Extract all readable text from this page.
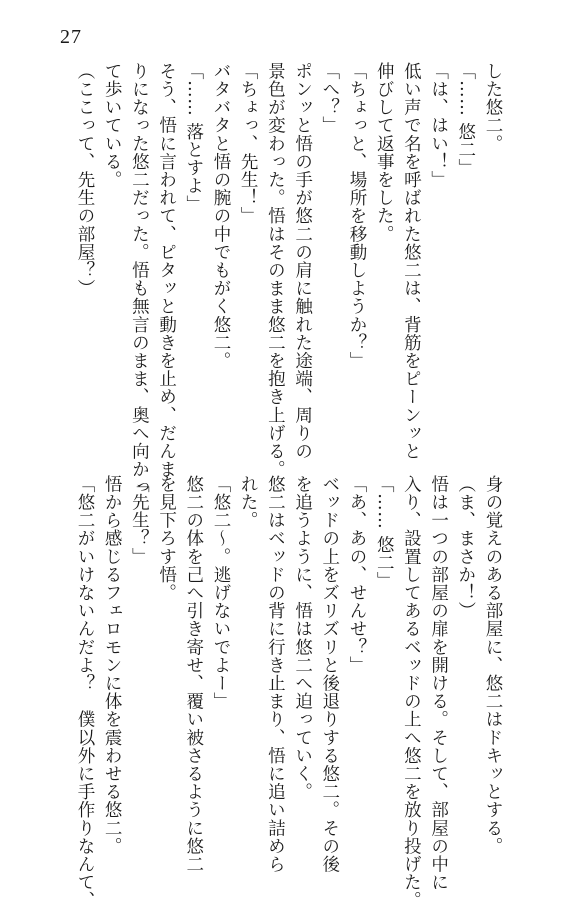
27
した悠二。
「…… 悠二」
「は、はい！」
低い声で名を呼ばれた悠二は、背筋をピーンッと
伸びして返事をした。
「ちょっと、場所を移動しようか？」
「へ？」
ポンッと悟の手が悠二の肩に触れた途端、周りの
景色が変わった。悟はそのまま悠二を抱き上げる。
「ちょっ、先生！」
バタバタと悟の腕の中でもがく悠二。
「…… 落とすよ」
そう、悟に言われて、ピタッと動きを止め、だんま
りになった悠二だった。悟も無言のまま、奥へ向かっ
て歩いている。
（ここって、先生の部屋？）
身の覚えのある部屋に、悠二はドキッとする。
（ま、まさか！）
悟は一つの部屋の扉を開ける。そして、部屋の中に
入り、設置してあるベッドの上へ悠二を放り投げた。
「…… 悠二」
「あ、あの、せんせ？」
ベッドの上をズリズリと後退りする悠二。その後
を追うように、悟は悠二へ迫っていく。
悠二はベッドの背に行き止まり、悟に追い詰めら
れた。
「悠二〜。逃げないでよー」
悠二の体を己へ引き寄せ、覆い被さるように悠二
を見下ろす悟。
「先生？」
悟から感じるフェロモンに体を震わせる悠二。
「悠二がいけないんだよ？　僕以外に手作りなんて、
